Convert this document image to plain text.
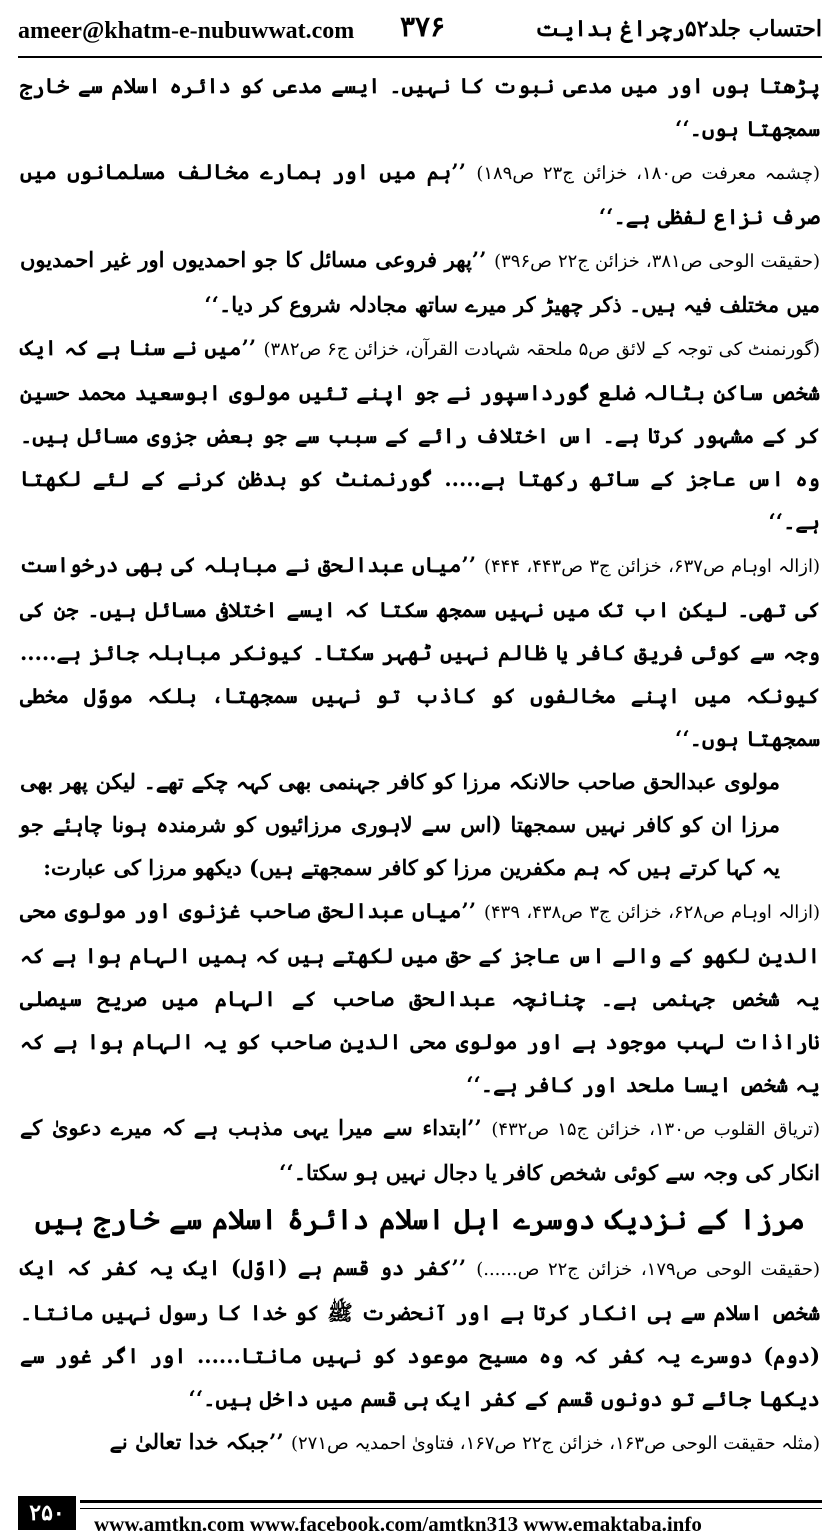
ameer@khatm-e-nubuwwat.com ۳۷۶	احتساب جلد۵۲رچراغ ہدایت

پڑھتا ہوں اور میں مدعی نبوت کا نہیں۔ ایسے مدعی کو دائرہ اسلام سے خارج سمجھتا ہوں۔‘‘

(چشمہ معرفت ص۱۸۰، خزائن ج۲۳ ص۱۸۹) ’’ہم میں اور ہمارے مخالف مسلمانوں میں صرف نزاع لفظی ہے۔‘‘

(حقیقت الوحی ص۳۸۱، خزائن ج۲۲ ص۳۹۶) ’’پھر فروعی مسائل کا جو احمدیوں اور غیر احمدیوں میں مختلف فیہ ہیں۔ ذکر چھیڑ کر میرے ساتھ مجادلہ شروع کر دیا۔‘‘

(گورنمنٹ کی توجہ کے لائق ص۵ ملحقہ شہادت القرآن، خزائن ج۶ ص۳۸۲) ’’میں نے سنا ہے کہ ایک شخص ساکن بٹالہ ضلع گورداسپور نے جو اپنے تئیں مولوی ابوسعید محمد حسین کر کے مشہور کرتا ہے۔ اس اختلاف رائے کے سبب سے جو بعض جزوی مسائل ہیں۔ وہ اس عاجز کے ساتھ رکھتا ہے..... گورنمنٹ کو بدظن کرنے کے لئے لکھتا ہے۔‘‘

(ازالہ اوہام ص۶۳۷، خزائن ج۳ ص۴۴۳، ۴۴۴) ’’میاں عبدالحق نے مباہلہ کی بھی درخواست کی تھی۔ لیکن اب تک میں نہیں سمجھ سکتا کہ ایسے اختلافی مسائل ہیں۔ جن کی وجہ سے کوئی فریق کافر یا ظالم نہیں ٹھہر سکتا۔ کیونکر مباہلہ جائز ہے..... کیونکہ میں اپنے مخالفوں کو کاذب تو نہیں سمجھتا، بلکہ مووّل مخطی سمجھتا ہوں۔‘‘

مولوی عبدالحق صاحب حالانکہ مرزا کو کافر جہنمی بھی کہہ چکے تھے۔ لیکن پھر بھی مرزا ان کو کافر نہیں سمجھتا (اس سے لاہوری مرزائیوں کو شرمندہ ہونا چاہئے جو یہ کہا کرتے ہیں کہ ہم مکفرین مرزا کو کافر سمجھتے ہیں) دیکھو مرزا کی عبارت:

(ازالہ اوہام ص۶۲۸، خزائن ج۳ ص۴۳۸، ۴۳۹) ’’میاں عبدالحق صاحب غزنوی اور مولوی محی الدین لکھو کے والے اس عاجز کے حق میں لکھتے ہیں کہ ہمیں الہام ہوا ہے کہ یہ شخص جہنمی ہے۔ چنانچہ عبدالحق صاحب کے الہام میں صریح سیصلی ناراذات لہب موجود ہے اور مولوی محی الدین صاحب کو یہ الہام ہوا ہے کہ یہ شخص ایسا ملحد اور کافر ہے۔‘‘

(تریاق القلوب ص۱۳۰، خزائن ج۱۵ ص۴۳۲) ’’ابتداء سے میرا یہی مذہب ہے کہ میرے دعویٰ کے انکار کی وجہ سے کوئی شخص کافر یا دجال نہیں ہو سکتا۔‘‘

مرزا کے نزدیک دوسرے اہل اسلام دائرۂ اسلام سے خارج ہیں

(حقیقت الوحی ص۱۷۹، خزائن ج۲۲ ص......) ’’کفر دو قسم ہے (اوّل) ایک یہ کفر کہ ایک شخص اسلام سے ہی انکار کرتا ہے اور آنحضرت ﷺ کو خدا کا رسول نہیں مانتا۔ (دوم) دوسرے یہ کفر کہ وہ مسیح موعود کو نہیں مانتا...... اور اگر غور سے دیکھا جائے تو دونوں قسم کے کفر ایک ہی قسم میں داخل ہیں۔‘‘

(مثلہ حقیقت الوحی ص۱۶۳، خزائن ج۲۲ ص۱۶۷، فتاویٰ احمدیہ ص۲۷۱) ’’جبکہ خدا تعالیٰ نے

۲۵۰	www.amtkn.com www.facebook.com/amtkn313 www.emaktaba.info
